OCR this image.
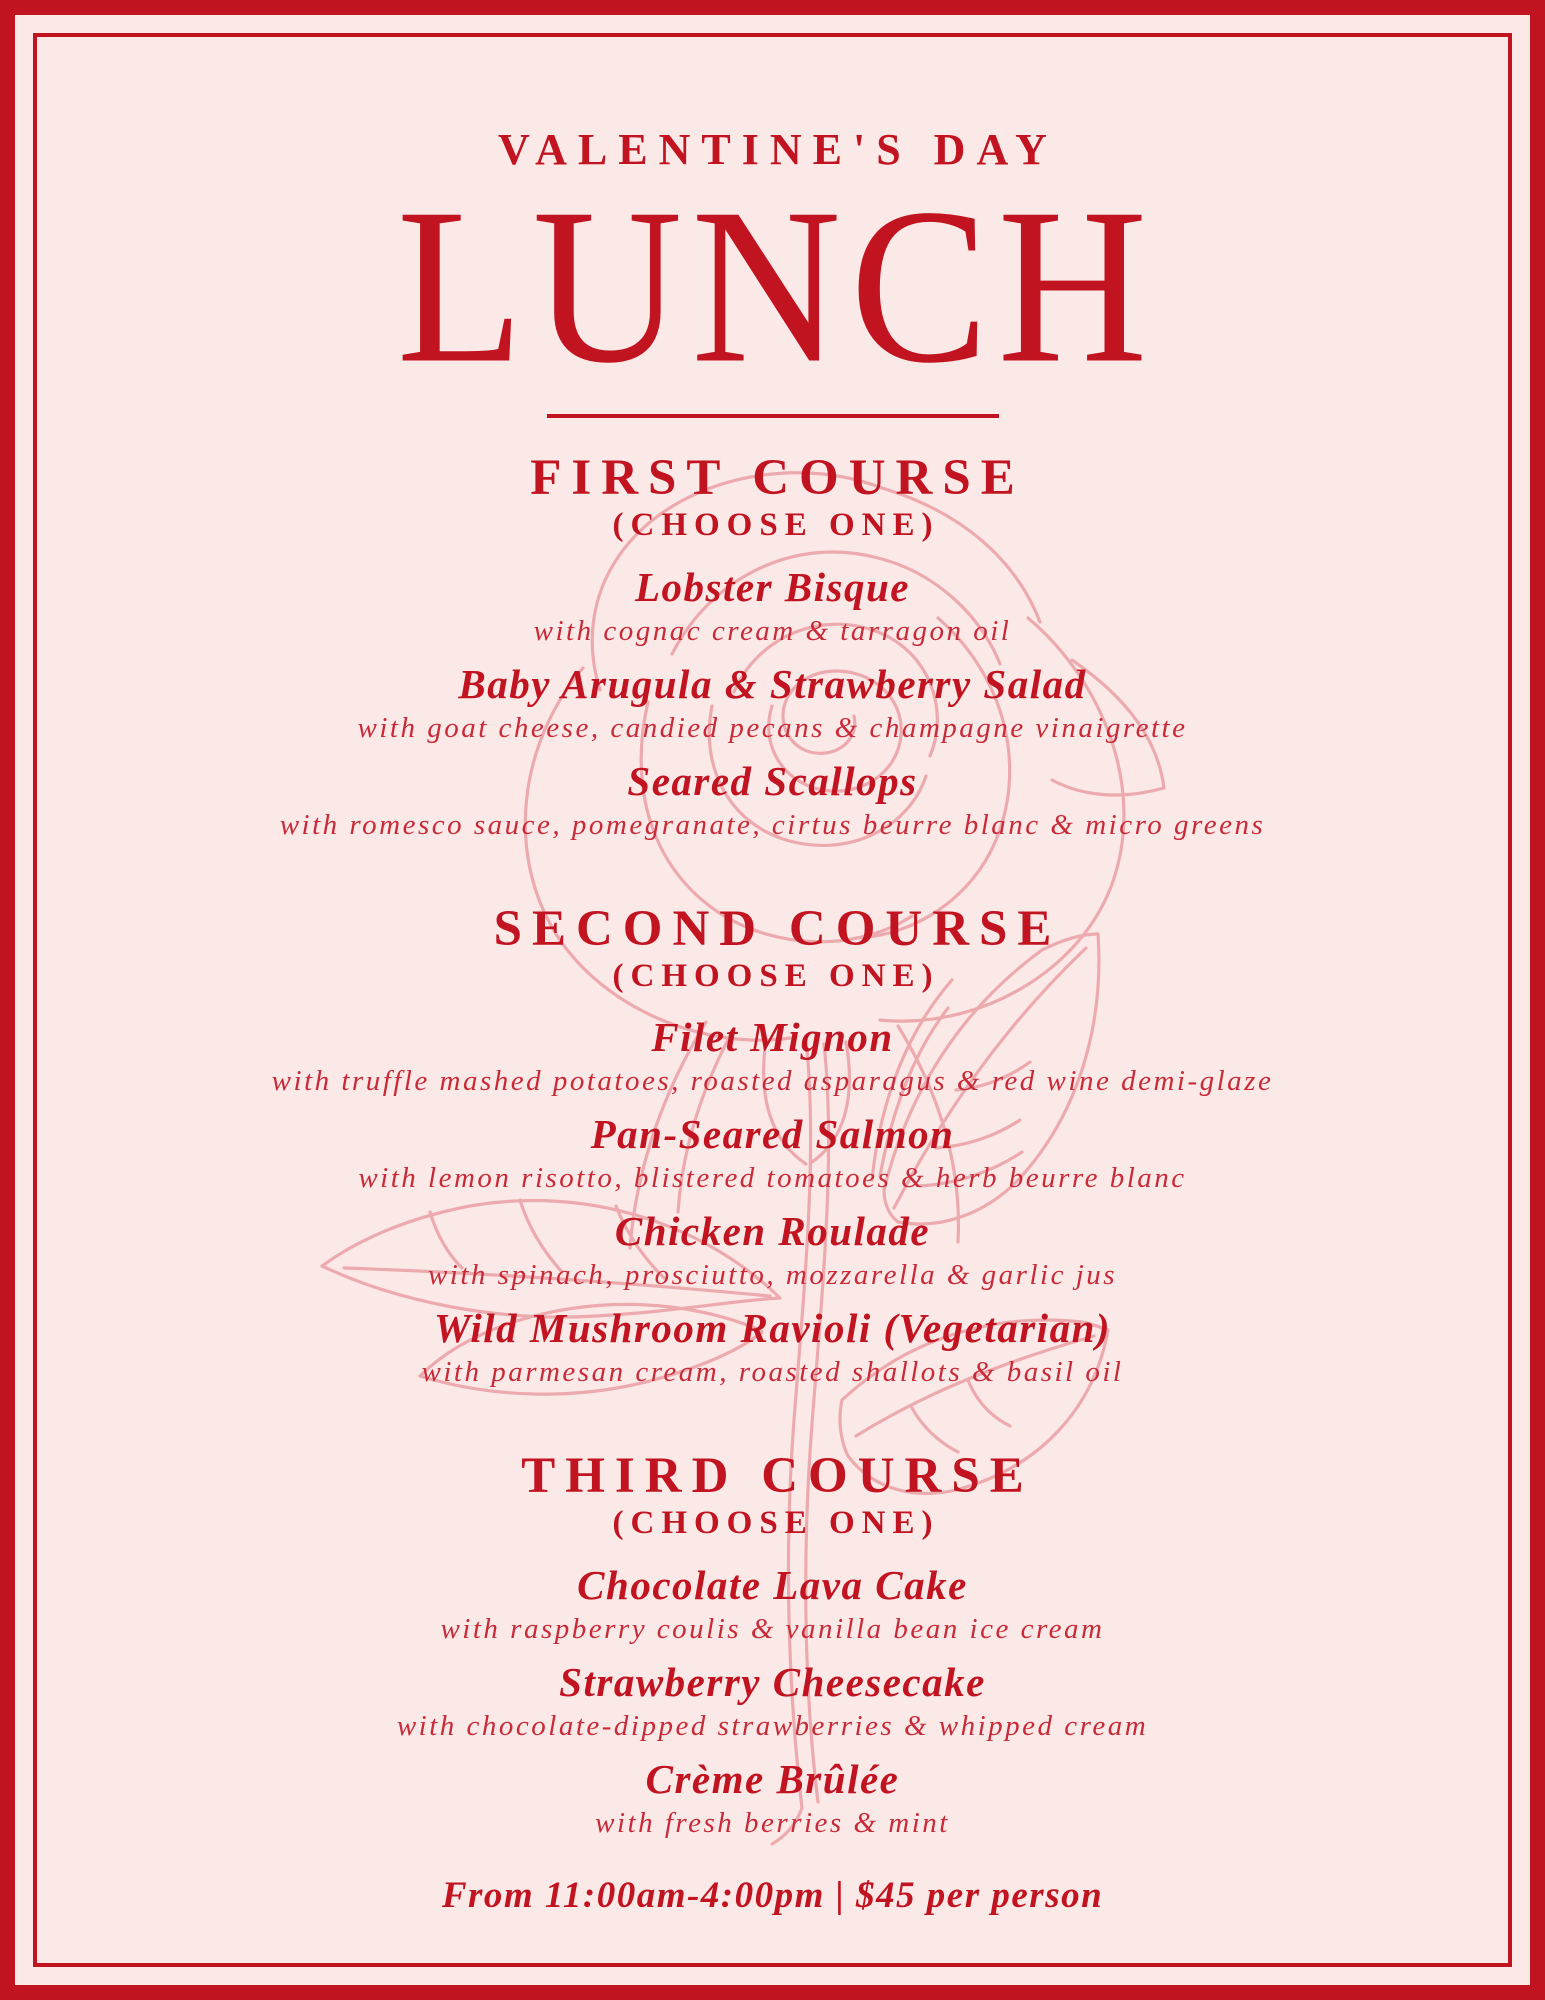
VALENTINE'S DAY
LUNCH
FIRST COURSE
(CHOOSE ONE)
Lobster Bisque
with cognac cream & tarragon oil
Baby Arugula & Strawberry Salad
with goat cheese, candied pecans & champagne vinaigrette
Seared Scallops
with romesco sauce, pomegranate, cirtus beurre blanc & micro greens
SECOND COURSE
(CHOOSE ONE)
Filet Mignon
with truffle mashed potatoes, roasted asparagus & red wine demi-glaze
Pan-Seared Salmon
with lemon risotto, blistered tomatoes & herb beurre blanc
Chicken Roulade
with spinach, prosciutto, mozzarella & garlic jus
Wild Mushroom Ravioli (Vegetarian)
with parmesan cream, roasted shallots & basil oil
THIRD COURSE
(CHOOSE ONE)
Chocolate Lava Cake
with raspberry coulis & vanilla bean ice cream
Strawberry Cheesecake
with chocolate-dipped strawberries & whipped cream
Crème Brûlée
with fresh berries & mint
From 11:00am-4:00pm | $45 per person
